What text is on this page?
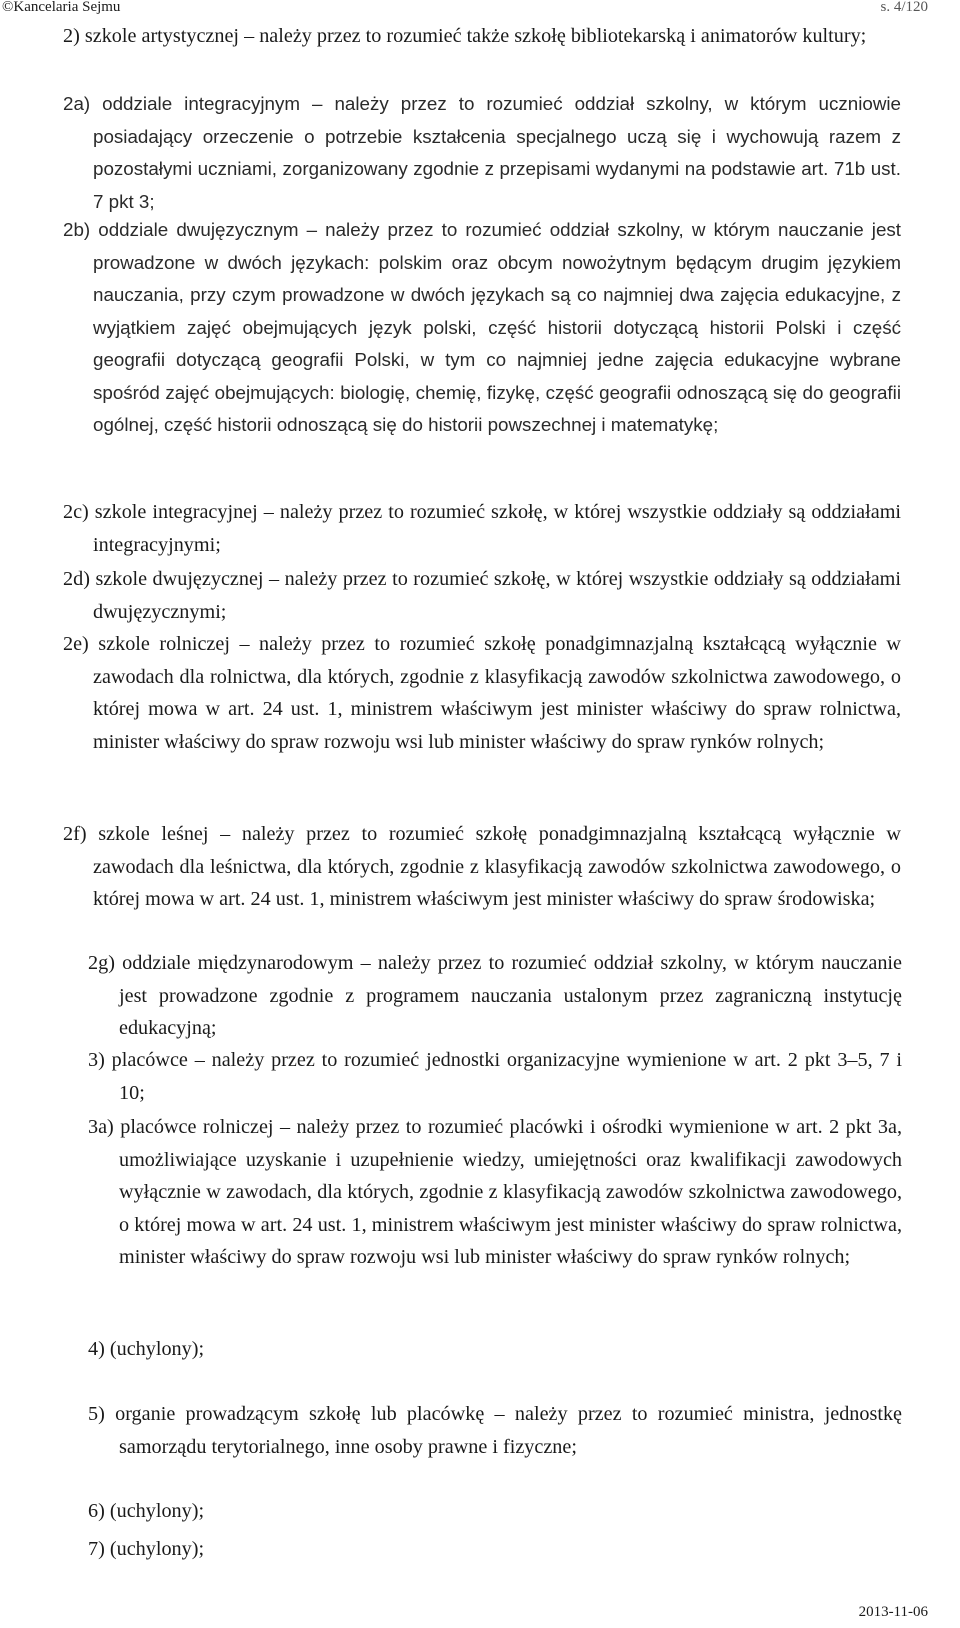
©Kancelaria Sejmu	s. 4/120
2) szkole artystycznej – należy przez to rozumieć także szkołę bibliotekarską i animatorów kultury;
2a) oddziale integracyjnym – należy przez to rozumieć oddział szkolny, w którym uczniowie posiadający orzeczenie o potrzebie kształcenia specjalnego uczą się i wychowują razem z pozostałymi uczniami, zorganizowany zgodnie z przepisami wydanymi na podstawie art. 71b ust. 7 pkt 3;
2b) oddziale dwujęzycznym – należy przez to rozumieć oddział szkolny, w którym nauczanie jest prowadzone w dwóch językach: polskim oraz obcym nowożytnym będącym drugim językiem nauczania, przy czym prowadzone w dwóch językach są co najmniej dwa zajęcia edukacyjne, z wyjątkiem zajęć obejmujących język polski, część historii dotyczącą historii Polski i część geografii dotyczącą geografii Polski, w tym co najmniej jedne zajęcia edukacyjne wybrane spośród zajęć obejmujących: biologię, chemię, fizykę, część geografii odnoszącą się do geografii ogólnej, część historii odnoszącą się do historii powszechnej i matematykę;
2c) szkole integracyjnej – należy przez to rozumieć szkołę, w której wszystkie oddziały są oddziałami integracyjnymi;
2d) szkole dwujęzycznej – należy przez to rozumieć szkołę, w której wszystkie oddziały są oddziałami dwujęzycznymi;
2e) szkole rolniczej – należy przez to rozumieć szkołę ponadgimnazjalną kształcącą wyłącznie w zawodach dla rolnictwa, dla których, zgodnie z klasyfikacją zawodów szkolnictwa zawodowego, o której mowa w art. 24 ust. 1, ministrem właściwym jest minister właściwy do spraw rolnictwa, minister właściwy do spraw rozwoju wsi lub minister właściwy do spraw rynków rolnych;
2f) szkole leśnej – należy przez to rozumieć szkołę ponadgimnazjalną kształcącą wyłącznie w zawodach dla leśnictwa, dla których, zgodnie z klasyfikacją zawodów szkolnictwa zawodowego, o której mowa w art. 24 ust. 1, ministrem właściwym jest minister właściwy do spraw środowiska;
2g) oddziale międzynarodowym – należy przez to rozumieć oddział szkolny, w którym nauczanie jest prowadzone zgodnie z programem nauczania ustalonym przez zagraniczną instytucję edukacyjną;
3) placówce – należy przez to rozumieć jednostki organizacyjne wymienione w art. 2 pkt 3–5, 7 i 10;
3a) placówce rolniczej – należy przez to rozumieć placówki i ośrodki wymienione w art. 2 pkt 3a, umożliwiające uzyskanie i uzupełnienie wiedzy, umiejętności oraz kwalifikacji zawodowych wyłącznie w zawodach, dla których, zgodnie z klasyfikacją zawodów szkolnictwa zawodowego, o której mowa w art. 24 ust. 1, ministrem właściwym jest minister właściwy do spraw rolnictwa, minister właściwy do spraw rozwoju wsi lub minister właściwy do spraw rynków rolnych;
4) (uchylony);
5) organie prowadzącym szkołę lub placówkę – należy przez to rozumieć ministra, jednostkę samorządu terytorialnego, inne osoby prawne i fizyczne;
6) (uchylony);
7) (uchylony);
2013-11-06
